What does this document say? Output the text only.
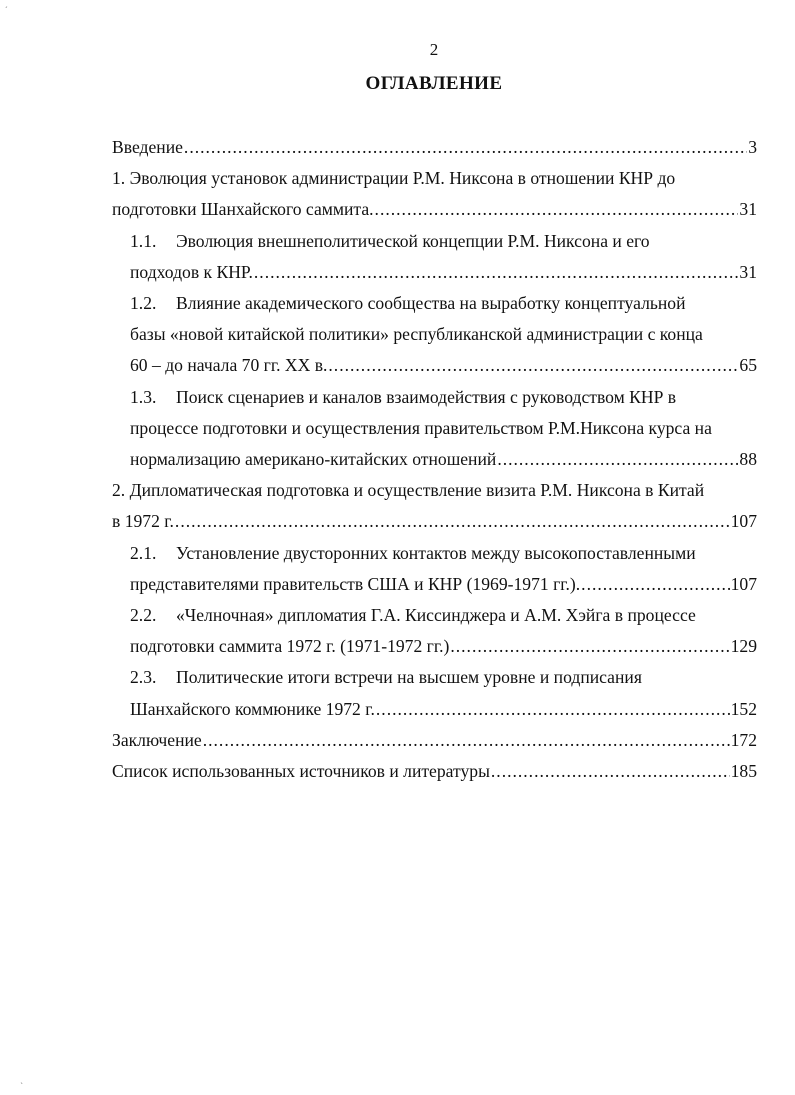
´
`
2
ОГЛАВЛЕНИЕ
Введение .....	3
1. Эволюция установок администрации Р.М. Никсона в отношении КНР до
подготовки Шанхайского саммита. .....	31
1.1. Эволюция внешнеполитической концепции Р.М. Никсона и его
подходов к КНР. .....	31
1.2. Влияние академического сообщества на выработку концептуальной
базы «новой китайской политики» республиканской администрации с конца
60 – до начала 70 гг. XX в. .....	65
1.3. Поиск сценариев и каналов взаимодействия с руководством КНР в
процессе подготовки и осуществления правительством Р.М.Никсона курса на
нормализацию американо-китайских отношений .....	88
2. Дипломатическая подготовка и осуществление визита Р.М. Никсона в Китай
в 1972 г. .....	107
2.1. Установление двусторонних контактов между высокопоставленными
представителями правительств США и КНР (1969-1971 гг.). .....	107
2.2. «Челночная» дипломатия Г.А. Киссинджера и А.М. Хэйга в процессе
подготовки саммита 1972 г. (1971-1972 гг.) .....	129
2.3. Политические итоги встречи на высшем уровне и подписания
Шанхайского коммюнике 1972 г. .....	152
Заключение .....	172
Список использованных источников и литературы .....	185
